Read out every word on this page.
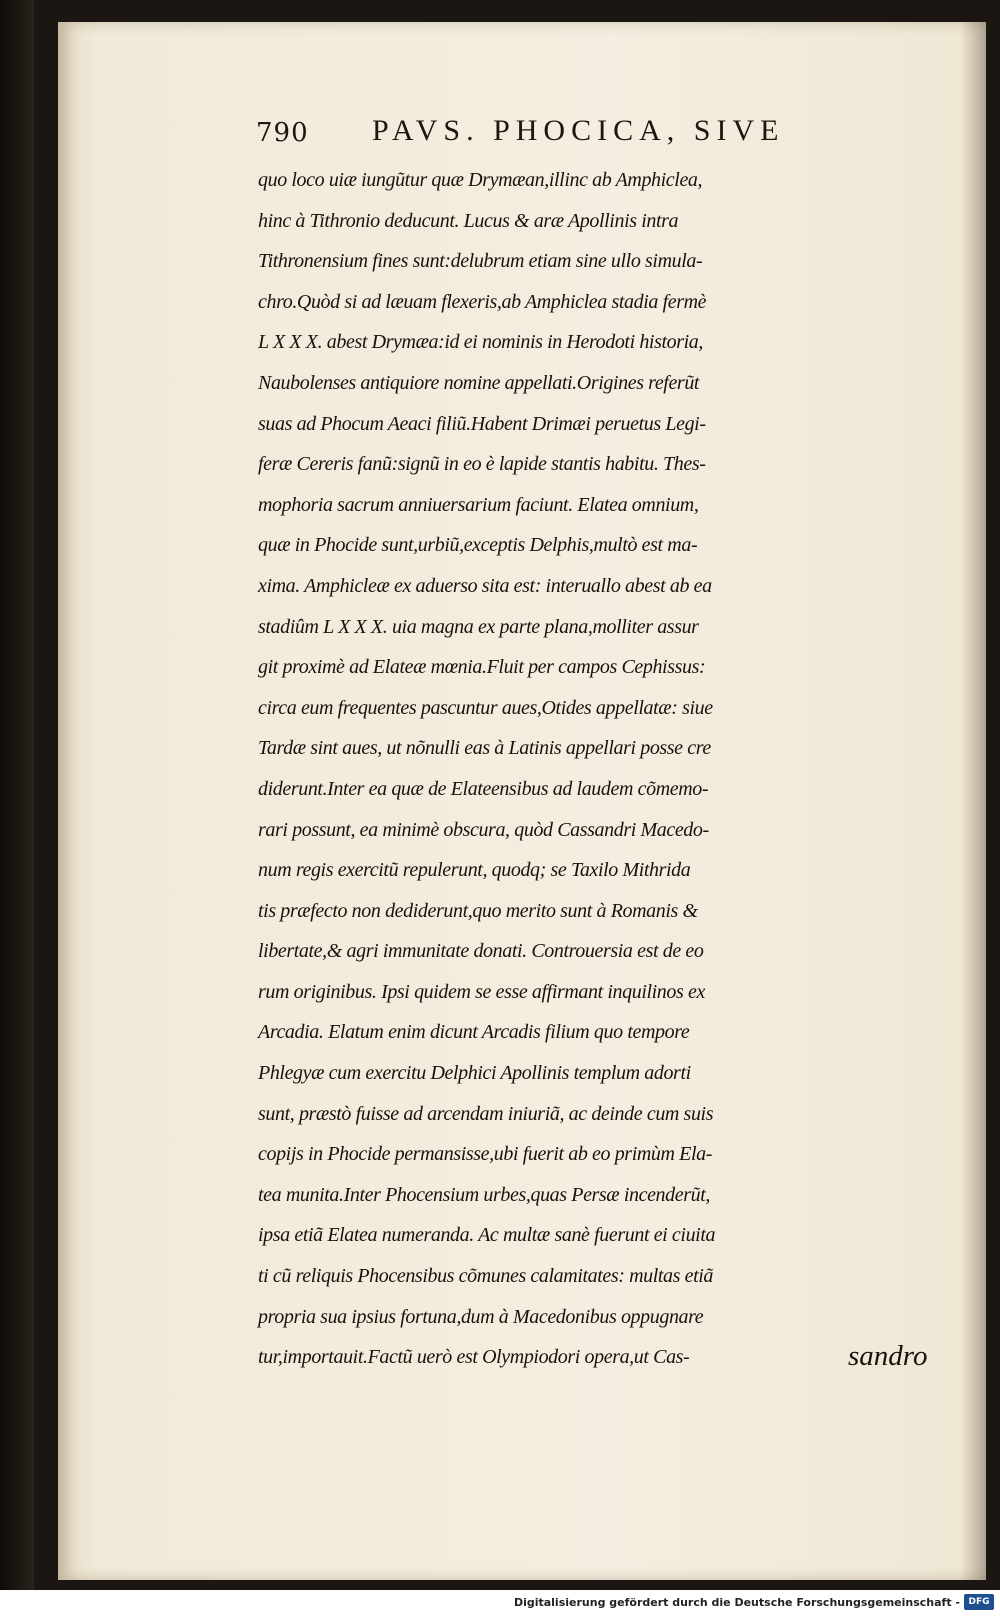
790 PAVS. PHOCICA, SIVE
quo loco uiæ iungũtur quæ Drymæan,illinc ab Amphiclea,
hinc à Tithronio deducunt. Lucus & aræ Apollinis intra
Tithronensium fines sunt:delubrum etiam sine ullo simula-
chro.Quòd si ad læuam flexeris,ab Amphiclea stadia fermè
L X X X. abest Drymæa:id ei nominis in Herodoti historia,
Naubolenses antiquiore nomine appellati.Origines referũt
suas ad Phocum Aeaci filiũ.Habent Drimæi peruetus Legi-
feræ Cereris fanũ:signũ in eo è lapide stantis habitu. Thes-
mophoria sacrum anniuersarium faciunt. Elatea omnium,
quæ in Phocide sunt,urbiũ,exceptis Delphis,multò est ma-
xima. Amphicleæ ex aduerso sita est: interuallo abest ab ea
stadiûm L X X X. uia magna ex parte plana,molliter assur
git proximè ad Elateæ mœnia.Fluit per campos Cephissus:
circa eum frequentes pascuntur aues,Otides appellatæ: siue
Tardæ sint aues, ut nõnulli eas à Latinis appellari posse cre
diderunt.Inter ea quæ de Elateensibus ad laudem cõmemo-
rari possunt, ea minimè obscura, quòd Cassandri Macedo-
num regis exercitũ repulerunt, quodq; se Taxilo Mithrida
tis præfecto non dediderunt,quo merito sunt à Romanis &
libertate,& agri immunitate donati. Controuersia est de eo
rum originibus. Ipsi quidem se esse affirmant inquilinos ex
Arcadia. Elatum enim dicunt Arcadis filium quo tempore
Phlegyæ cum exercitu Delphici Apollinis templum adorti
sunt, præstò fuisse ad arcendam iniuriã, ac deinde cum suis
copijs in Phocide permansisse,ubi fuerit ab eo primùm Ela-
tea munita.Inter Phocensium urbes,quas Persæ incenderũt,
ipsa etiã Elatea numeranda. Ac multæ sanè fuerunt ei ciuita
ti cũ reliquis Phocensibus cõmunes calamitates: multas etiã
propria sua ipsius fortuna,dum à Macedonibus oppugnare
tur,importauit.Factũ uerò est Olympiodori opera,ut Cas-	sandro
Digitalisierung gefördert durch die Deutsche Forschungsgemeinschaft - DFG
